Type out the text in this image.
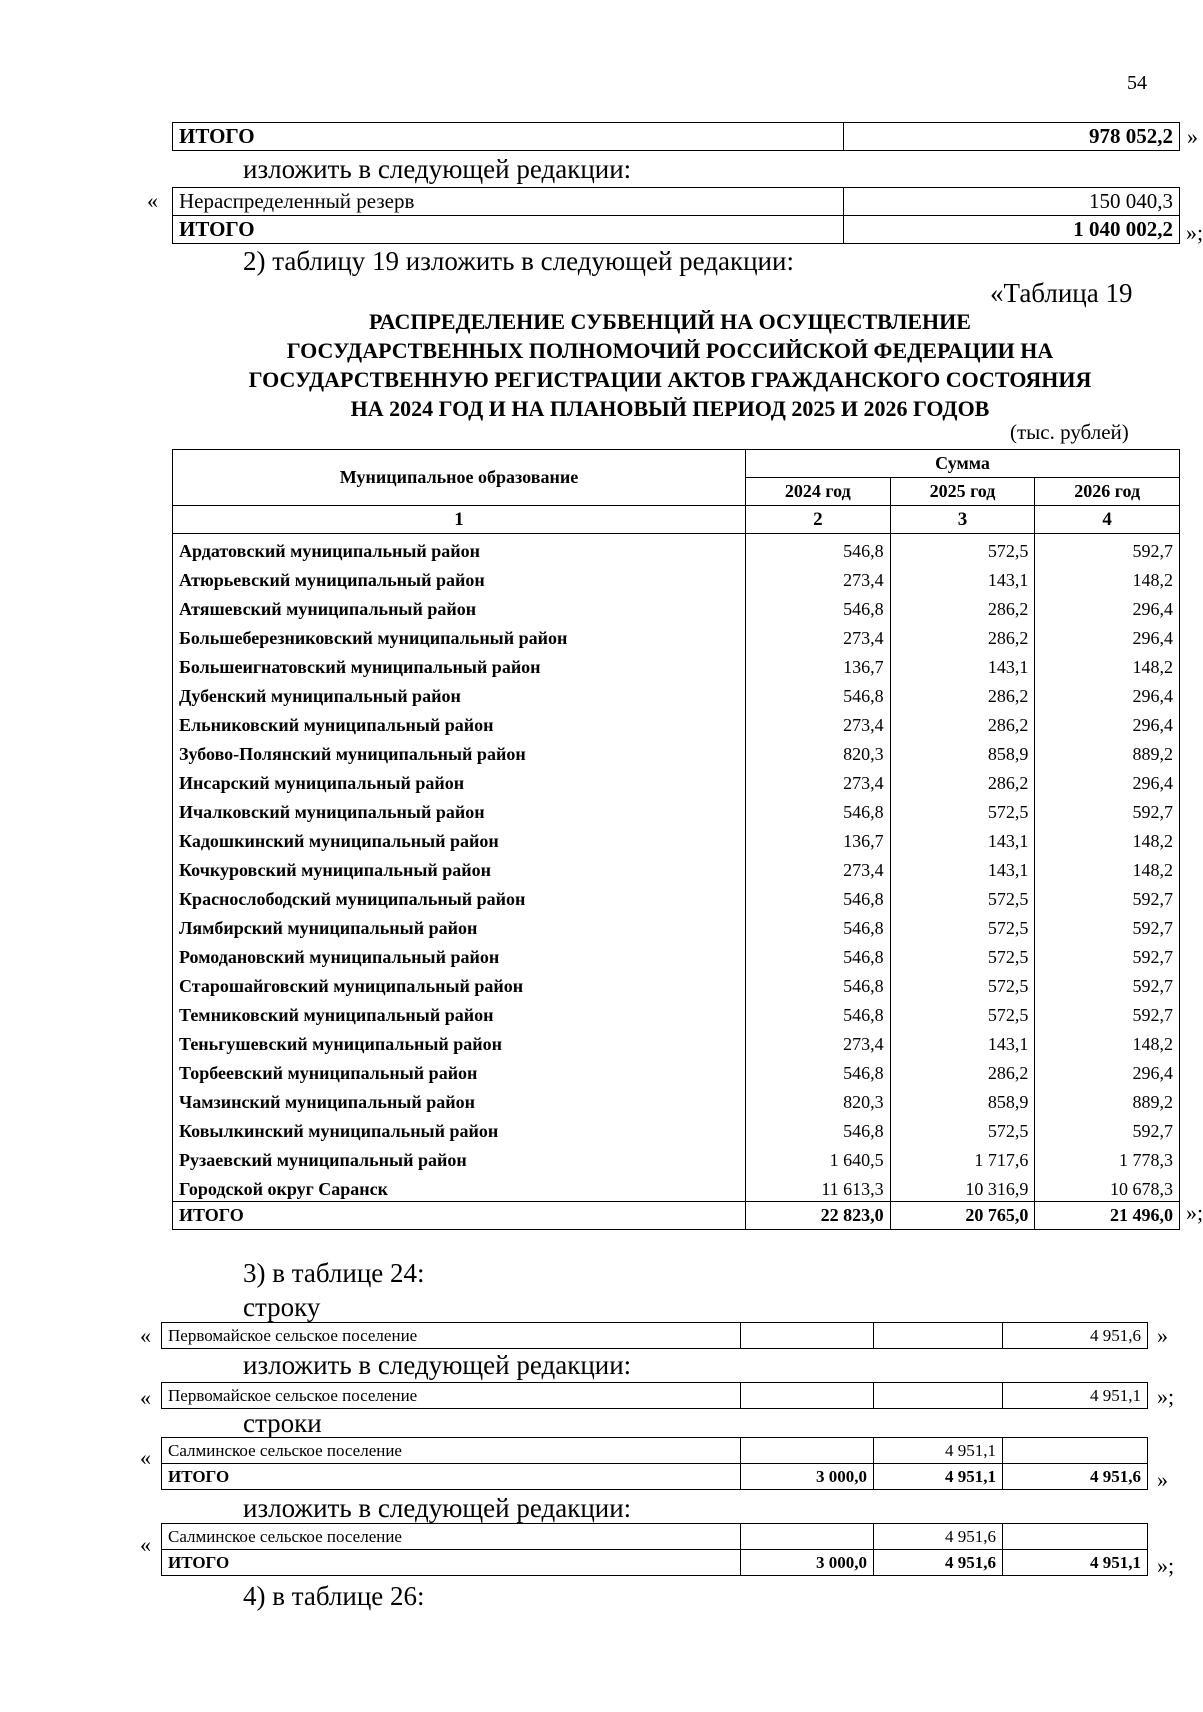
54
ИТОГО	978 052,2 »
изложить в следующей редакции:
« Нераспределенный резерв	150 040,3
ИТОГО	1 040 002,2 »;
2) таблицу 19 изложить в следующей редакции:
«Таблица 19
РАСПРЕДЕЛЕНИЕ СУБВЕНЦИЙ НА ОСУЩЕСТВЛЕНИЕ
ГОСУДАРСТВЕННЫХ ПОЛНОМОЧИЙ РОССИЙСКОЙ ФЕДЕРАЦИИ НА
ГОСУДАРСТВЕННУЮ РЕГИСТРАЦИИ АКТОВ ГРАЖДАНСКОГО СОСТОЯНИЯ
НА 2024 ГОД И НА ПЛАНОВЫЙ ПЕРИОД 2025 И 2026 ГОДОВ
(тыс. рублей)
Муниципальное образование	Сумма		
	2024 год	2025 год	2026 год
1	2	3	4
Ардатовский муниципальный район	546,8	572,5	592,7
Атюрьевский муниципальный район	273,4	143,1	148,2
Атяшевский муниципальный район	546,8	286,2	296,4
Большеберезниковский муниципальный район	273,4	286,2	296,4
Большеигнатовский муниципальный район	136,7	143,1	148,2
Дубенский муниципальный район	546,8	286,2	296,4
Ельниковский муниципальный район	273,4	286,2	296,4
Зубово-Полянский муниципальный район	820,3	858,9	889,2
Инсарский муниципальный район	273,4	286,2	296,4
Ичалковский муниципальный район	546,8	572,5	592,7
Кадошкинский муниципальный район	136,7	143,1	148,2
Кочкуровский муниципальный район	273,4	143,1	148,2
Краснослободский муниципальный район	546,8	572,5	592,7
Лямбирский муниципальный район	546,8	572,5	592,7
Ромодановский муниципальный район	546,8	572,5	592,7
Старошайговский муниципальный район	546,8	572,5	592,7
Темниковский муниципальный район	546,8	572,5	592,7
Теньгушевский муниципальный район	273,4	143,1	148,2
Торбеевский муниципальный район	546,8	286,2	296,4
Чамзинский муниципальный район	820,3	858,9	889,2
Ковылкинский муниципальный район	546,8	572,5	592,7
Рузаевский муниципальный район	1 640,5	1 717,6	1 778,3
Городской округ Саранск	11 613,3	10 316,9	10 678,3
ИТОГО	22 823,0	20 765,0	21 496,0 »;
3) в таблице 24:
строку
« Первомайское сельское поселение			4 951,6 »
изложить в следующей редакции:
« Первомайское сельское поселение			4 951,1 »;
строки
« Салминское сельское поселение		4 951,1	
ИТОГО	3 000,0	4 951,1	4 951,6 »
изложить в следующей редакции:
« Салминское сельское поселение		4 951,6	
ИТОГО	3 000,0	4 951,6	4 951,1 »;
4) в таблице 26:
